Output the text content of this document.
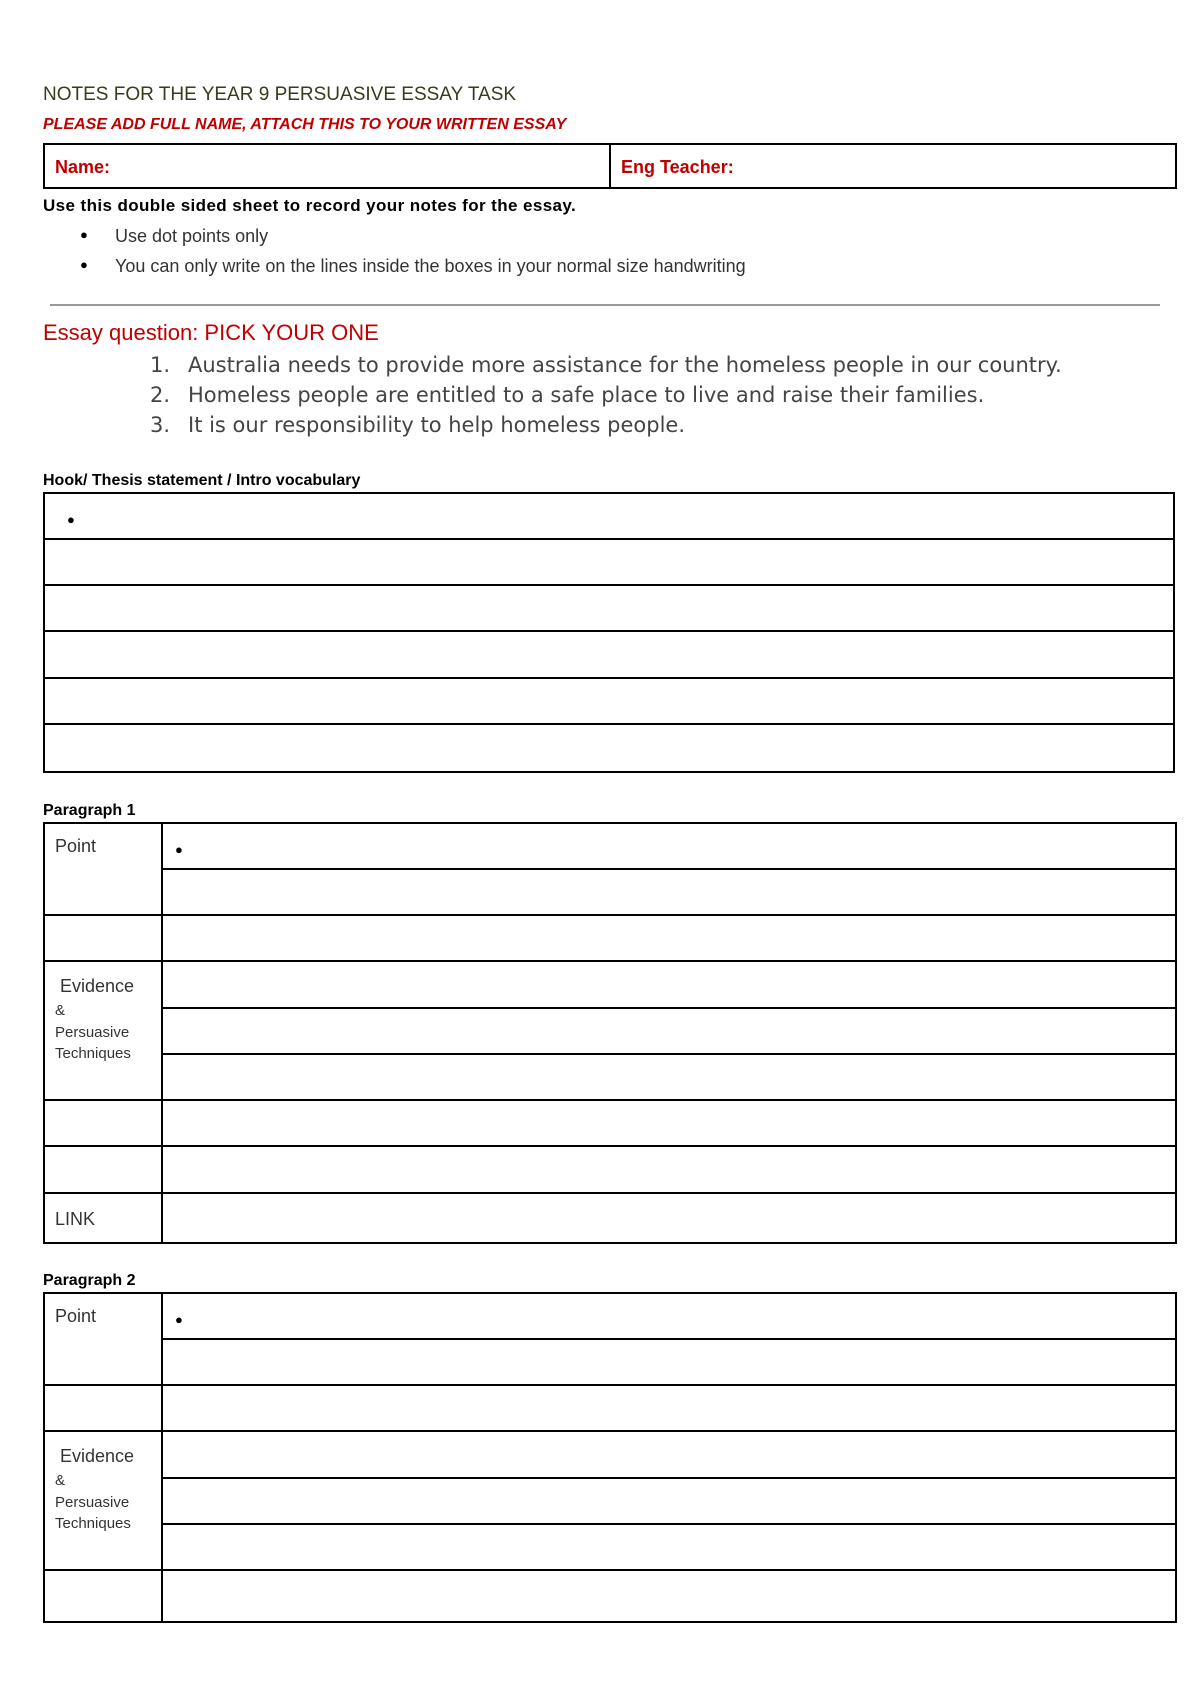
NOTES FOR THE YEAR 9 PERSUASIVE ESSAY TASK
PLEASE ADD FULL NAME, ATTACH THIS TO YOUR WRITTEN ESSAY
Name:	Eng Teacher:
Use this double sided sheet to record your notes for the essay.
● Use dot points only
● You can only write on the lines inside the boxes in your normal size handwriting
Essay question: PICK YOUR ONE
1. Australia needs to provide more assistance for the homeless people in our country.
2. Homeless people are entitled to a safe place to live and raise their families.
3. It is our responsibility to help homeless people.
Hook/ Thesis statement / Intro vocabulary
●
Paragraph 1
●
Point
Evidence
&
Persuasive
Techniques
LINK
Paragraph 2
●
Point
Evidence
&
Persuasive
Techniques
